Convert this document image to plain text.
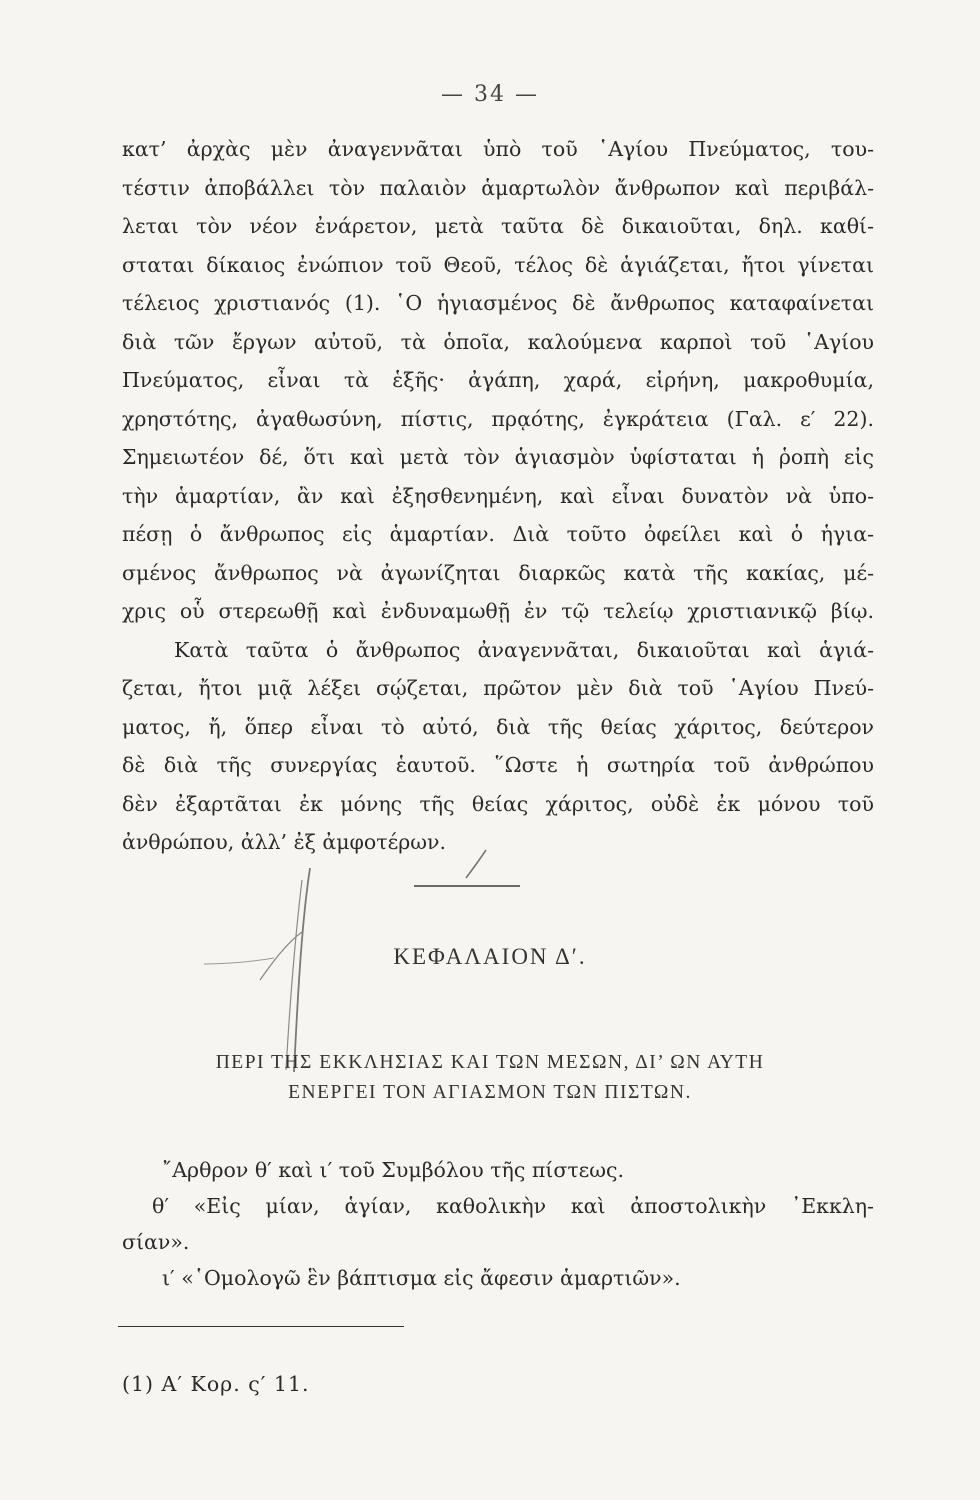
— 34 —
κατ’ ἀρχὰς μὲν ἀναγεννᾶται ὑπὸ τοῦ ῾Αγίου Πνεύματος, του-
τέστιν ἀποβάλλει τὸν παλαιὸν ἁμαρτωλὸν ἄνθρωπον καὶ περιβάλ-
λεται τὸν νέον ἐνάρετον, μετὰ ταῦτα δὲ δικαιοῦται, δηλ. καθί-
σταται δίκαιος ἐνώπιον τοῦ Θεοῦ, τέλος δὲ ἁγιάζεται, ἤτοι γίνεται
τέλειος χριστιανός (1). ῾Ο ἡγιασμένος δὲ ἄνθρωπος καταφαίνεται
διὰ τῶν ἔργων αὐτοῦ, τὰ ὁποῖα, καλούμενα καρποὶ τοῦ ῾Αγίου
Πνεύματος, εἶναι τὰ ἑξῆς· ἀγάπη, χαρά, εἰρήνη, μακροθυμία,
χρηστότης, ἀγαθωσύνη, πίστις, πρᾳότης, ἐγκράτεια (Γαλ. ε′ 22).
Σημειωτέον δέ, ὅτι καὶ μετὰ τὸν ἁγιασμὸν ὑφίσταται ἡ ῥοπὴ εἰς
τὴν ἁμαρτίαν, ἂν καὶ ἐξησθενημένη, καὶ εἶναι δυνατὸν νὰ ὑπο-
πέσῃ ὁ ἄνθρωπος εἰς ἁμαρτίαν. Διὰ τοῦτο ὀφείλει καὶ ὁ ἡγια-
σμένος ἄνθρωπος νὰ ἀγωνίζηται διαρκῶς κατὰ τῆς κακίας, μέ-
χρις οὗ στερεωθῇ καὶ ἐνδυναμωθῇ ἐν τῷ τελείῳ χριστιανικῷ βίῳ.
Κατὰ ταῦτα ὁ ἄνθρωπος ἀναγεννᾶται, δικαιοῦται καὶ ἁγιά-
ζεται, ἤτοι μιᾷ λέξει σῴζεται, πρῶτον μὲν διὰ τοῦ ῾Αγίου Πνεύ-
ματος, ἤ, ὅπερ εἶναι τὸ αὐτό, διὰ τῆς θείας χάριτος, δεύτερον
δὲ διὰ τῆς συνεργίας ἑαυτοῦ. ῞Ωστε ἡ σωτηρία τοῦ ἀνθρώπου
δὲν ἐξαρτᾶται ἐκ μόνης τῆς θείας χάριτος, οὐδὲ ἐκ μόνου τοῦ
ἀνθρώπου, ἀλλ’ ἐξ ἀμφοτέρων.
ΚΕΦΑΛΑΙΟΝ Δ′.
ΠΕΡΙ ΤΗΣ ΕΚΚΛΗΣΙΑΣ ΚΑΙ ΤΩΝ ΜΕΣΩΝ, ΔΙ’ ΩΝ ΑΥΤΗ
ΕΝΕΡΓΕΙ ΤΟΝ ΑΓΙΑΣΜΟΝ ΤΩΝ ΠΙΣΤΩΝ.
῎Αρθρον θ′ καὶ ι′ τοῦ Συμβόλου τῆς πίστεως.
θ′ «Εἰς μίαν, ἁγίαν, καθολικὴν καὶ ἀποστολικὴν ᾿Εκκλη-
σίαν».
ι′ «῾Ομολογῶ ἓν βάπτισμα εἰς ἄφεσιν ἁμαρτιῶν».
(1) Α′ Κορ. ς′ 11.
